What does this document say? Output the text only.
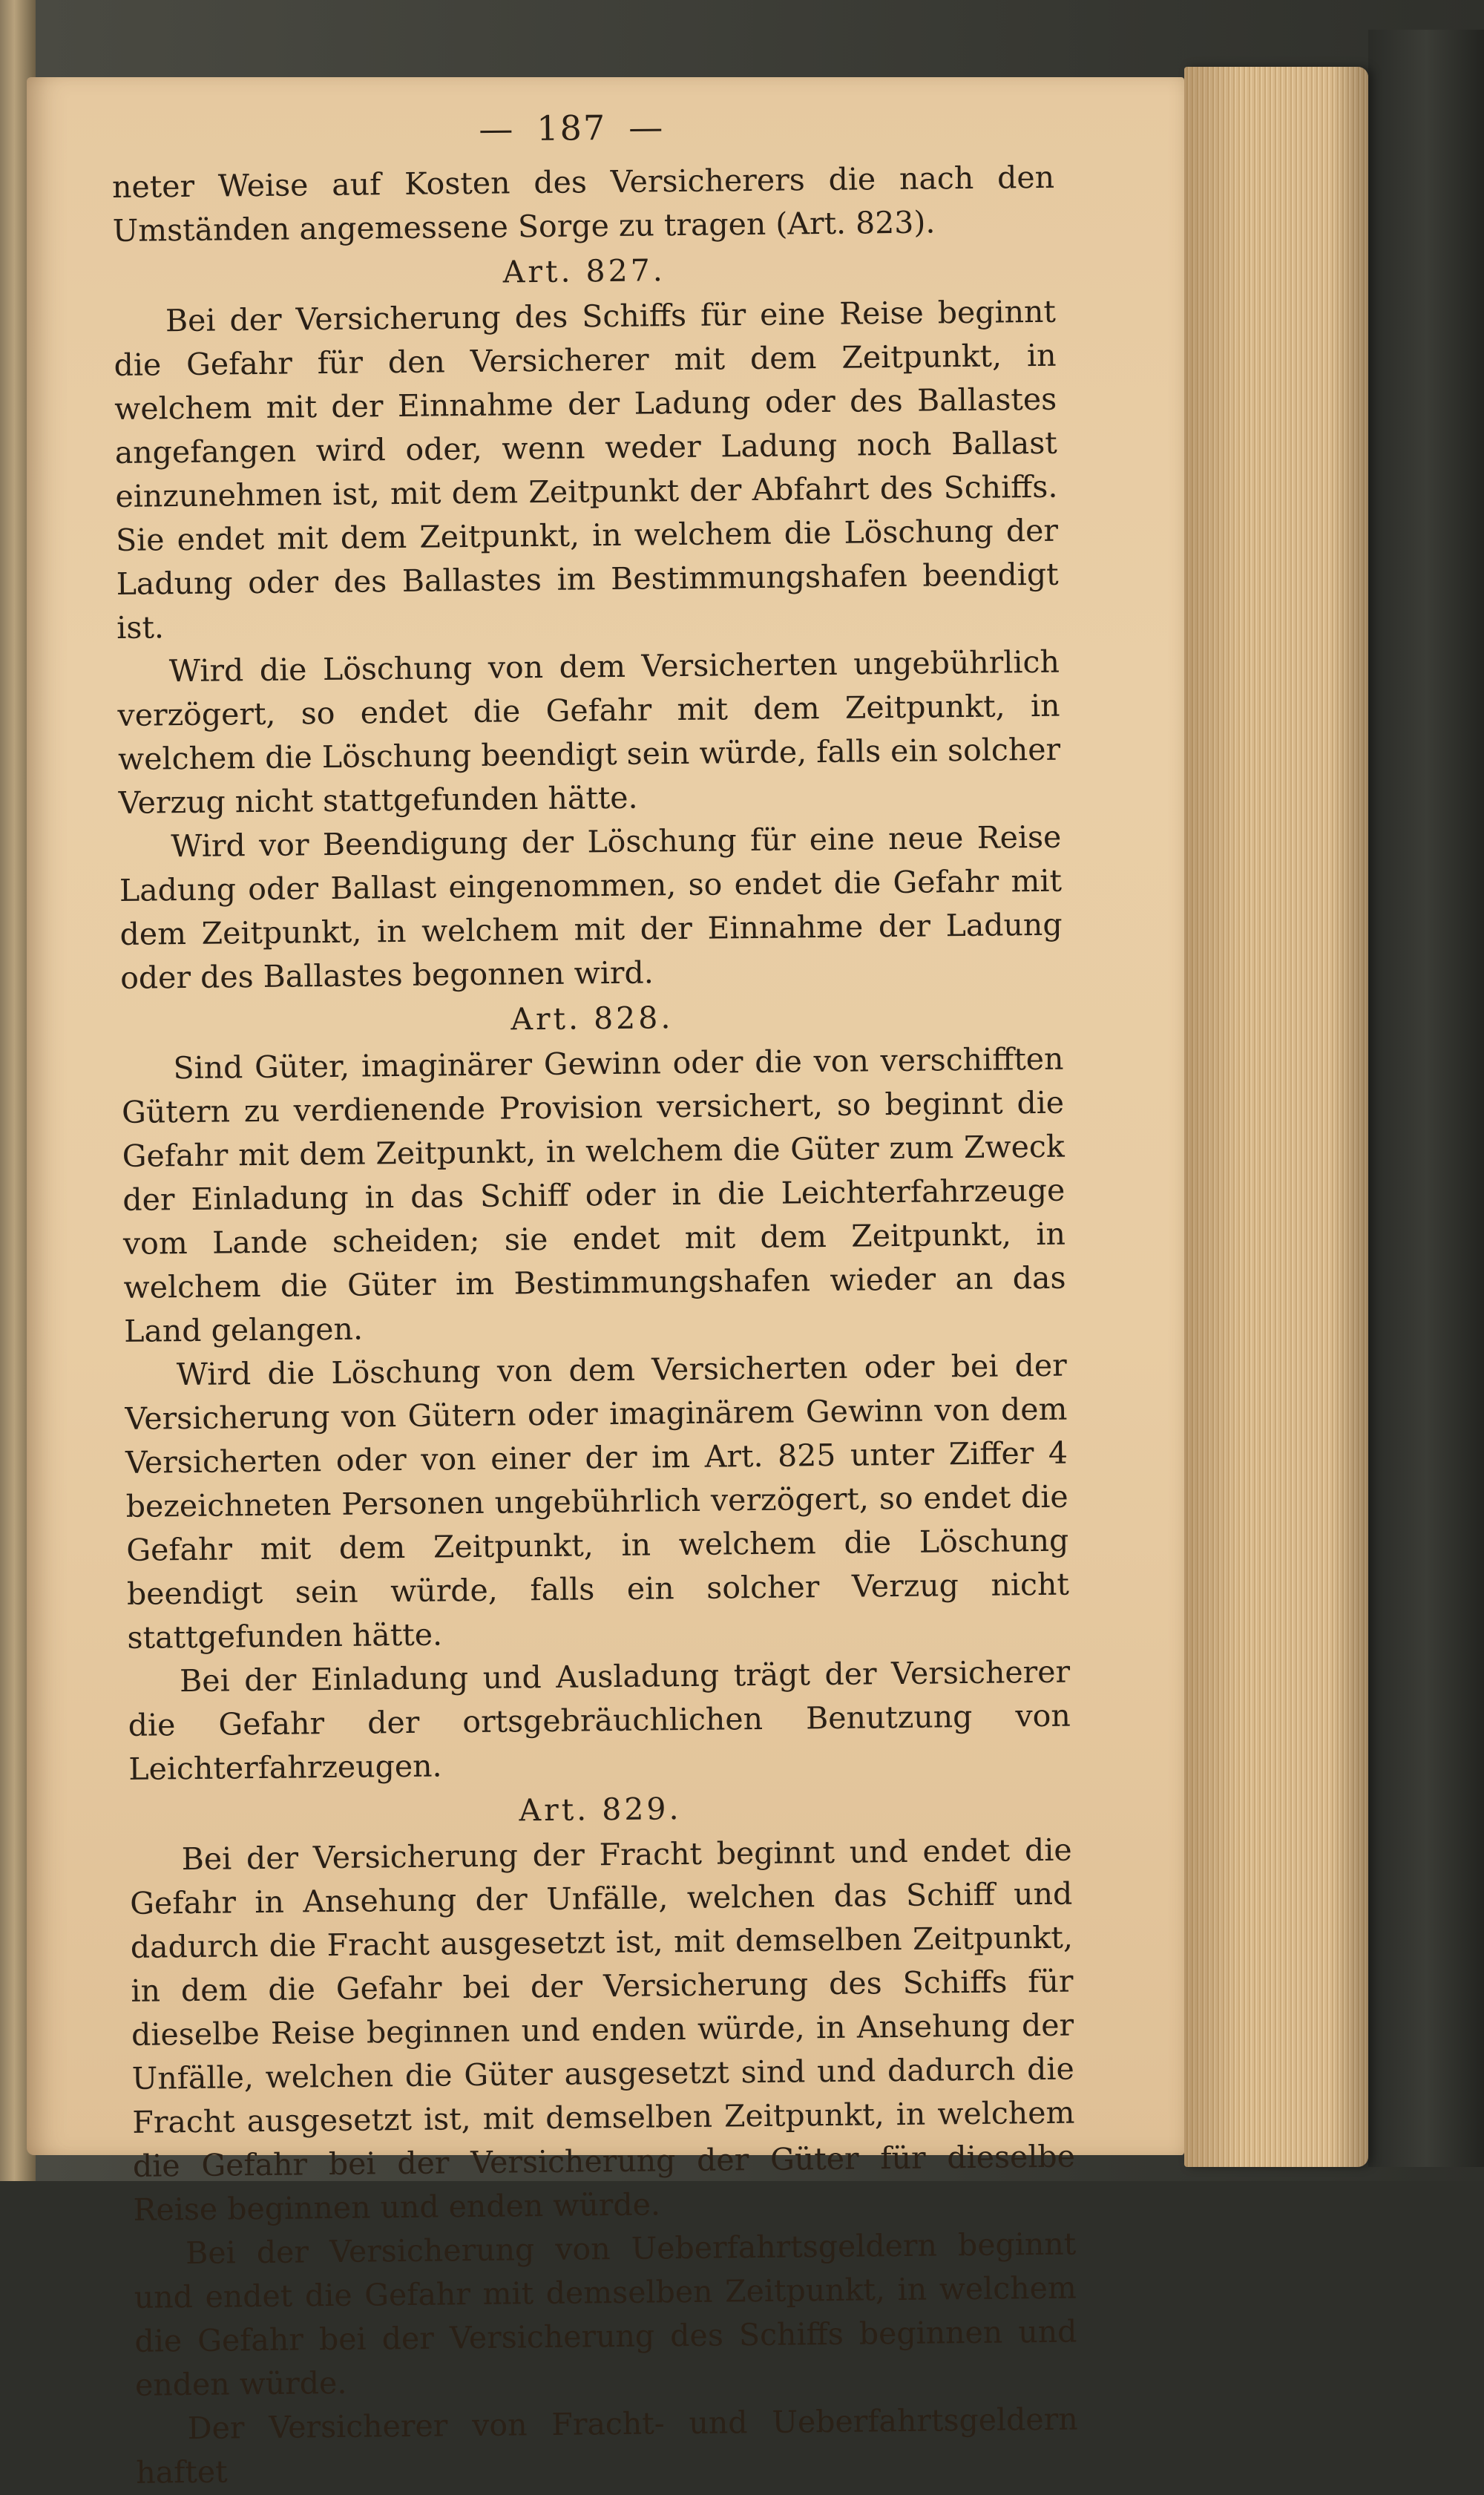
— 187 —

neter Weise auf Kosten des Versicherers die nach den Umständen angemessene Sorge zu tragen (Art. 823).

Art. 827.

Bei der Versicherung des Schiffs für eine Reise beginnt die Gefahr für den Versicherer mit dem Zeitpunkt, in welchem mit der Einnahme der Ladung oder des Ballastes angefangen wird oder, wenn weder Ladung noch Ballast einzunehmen ist, mit dem Zeitpunkt der Abfahrt des Schiffs. Sie endet mit dem Zeitpunkt, in welchem die Löschung der Ladung oder des Ballastes im Bestimmungshafen beendigt ist.

Wird die Löschung von dem Versicherten ungebührlich verzögert, so endet die Gefahr mit dem Zeitpunkt, in welchem die Löschung beendigt sein würde, falls ein solcher Verzug nicht stattgefunden hätte.

Wird vor Beendigung der Löschung für eine neue Reise Ladung oder Ballast eingenommen, so endet die Gefahr mit dem Zeitpunkt, in welchem mit der Einnahme der Ladung oder des Ballastes begonnen wird.

Art. 828.

Sind Güter, imaginärer Gewinn oder die von verschifften Gütern zu verdienende Provision versichert, so beginnt die Gefahr mit dem Zeitpunkt, in welchem die Güter zum Zweck der Einladung in das Schiff oder in die Leichterfahrzeuge vom Lande scheiden; sie endet mit dem Zeitpunkt, in welchem die Güter im Bestimmungshafen wieder an das Land gelangen.

Wird die Löschung von dem Versicherten oder bei der Versicherung von Gütern oder imaginärem Gewinn von dem Versicherten oder von einer der im Art. 825 unter Ziffer 4 bezeichneten Personen ungebührlich verzögert, so endet die Gefahr mit dem Zeitpunkt, in welchem die Löschung beendigt sein würde, falls ein solcher Verzug nicht stattgefunden hätte.

Bei der Einladung und Ausladung trägt der Versicherer die Gefahr der ortsgebräuchlichen Benutzung von Leichterfahrzeugen.

Art. 829.

Bei der Versicherung der Fracht beginnt und endet die Gefahr in Ansehung der Unfälle, welchen das Schiff und dadurch die Fracht ausgesetzt ist, mit demselben Zeitpunkt, in dem die Gefahr bei der Versicherung des Schiffs für dieselbe Reise beginnen und enden würde, in Ansehung der Unfälle, welchen die Güter ausgesetzt sind und dadurch die Fracht ausgesetzt ist, mit demselben Zeitpunkt, in welchem die Gefahr bei der Versicherung der Güter für dieselbe Reise beginnen und enden würde.

Bei der Versicherung von Ueberfahrtsgeldern beginnt und endet die Gefahr mit demselben Zeitpunkt, in welchem die Gefahr bei der Versicherung des Schiffs beginnen und enden würde.

Der Versicherer von Fracht- und Ueberfahrtsgeldern haftet
